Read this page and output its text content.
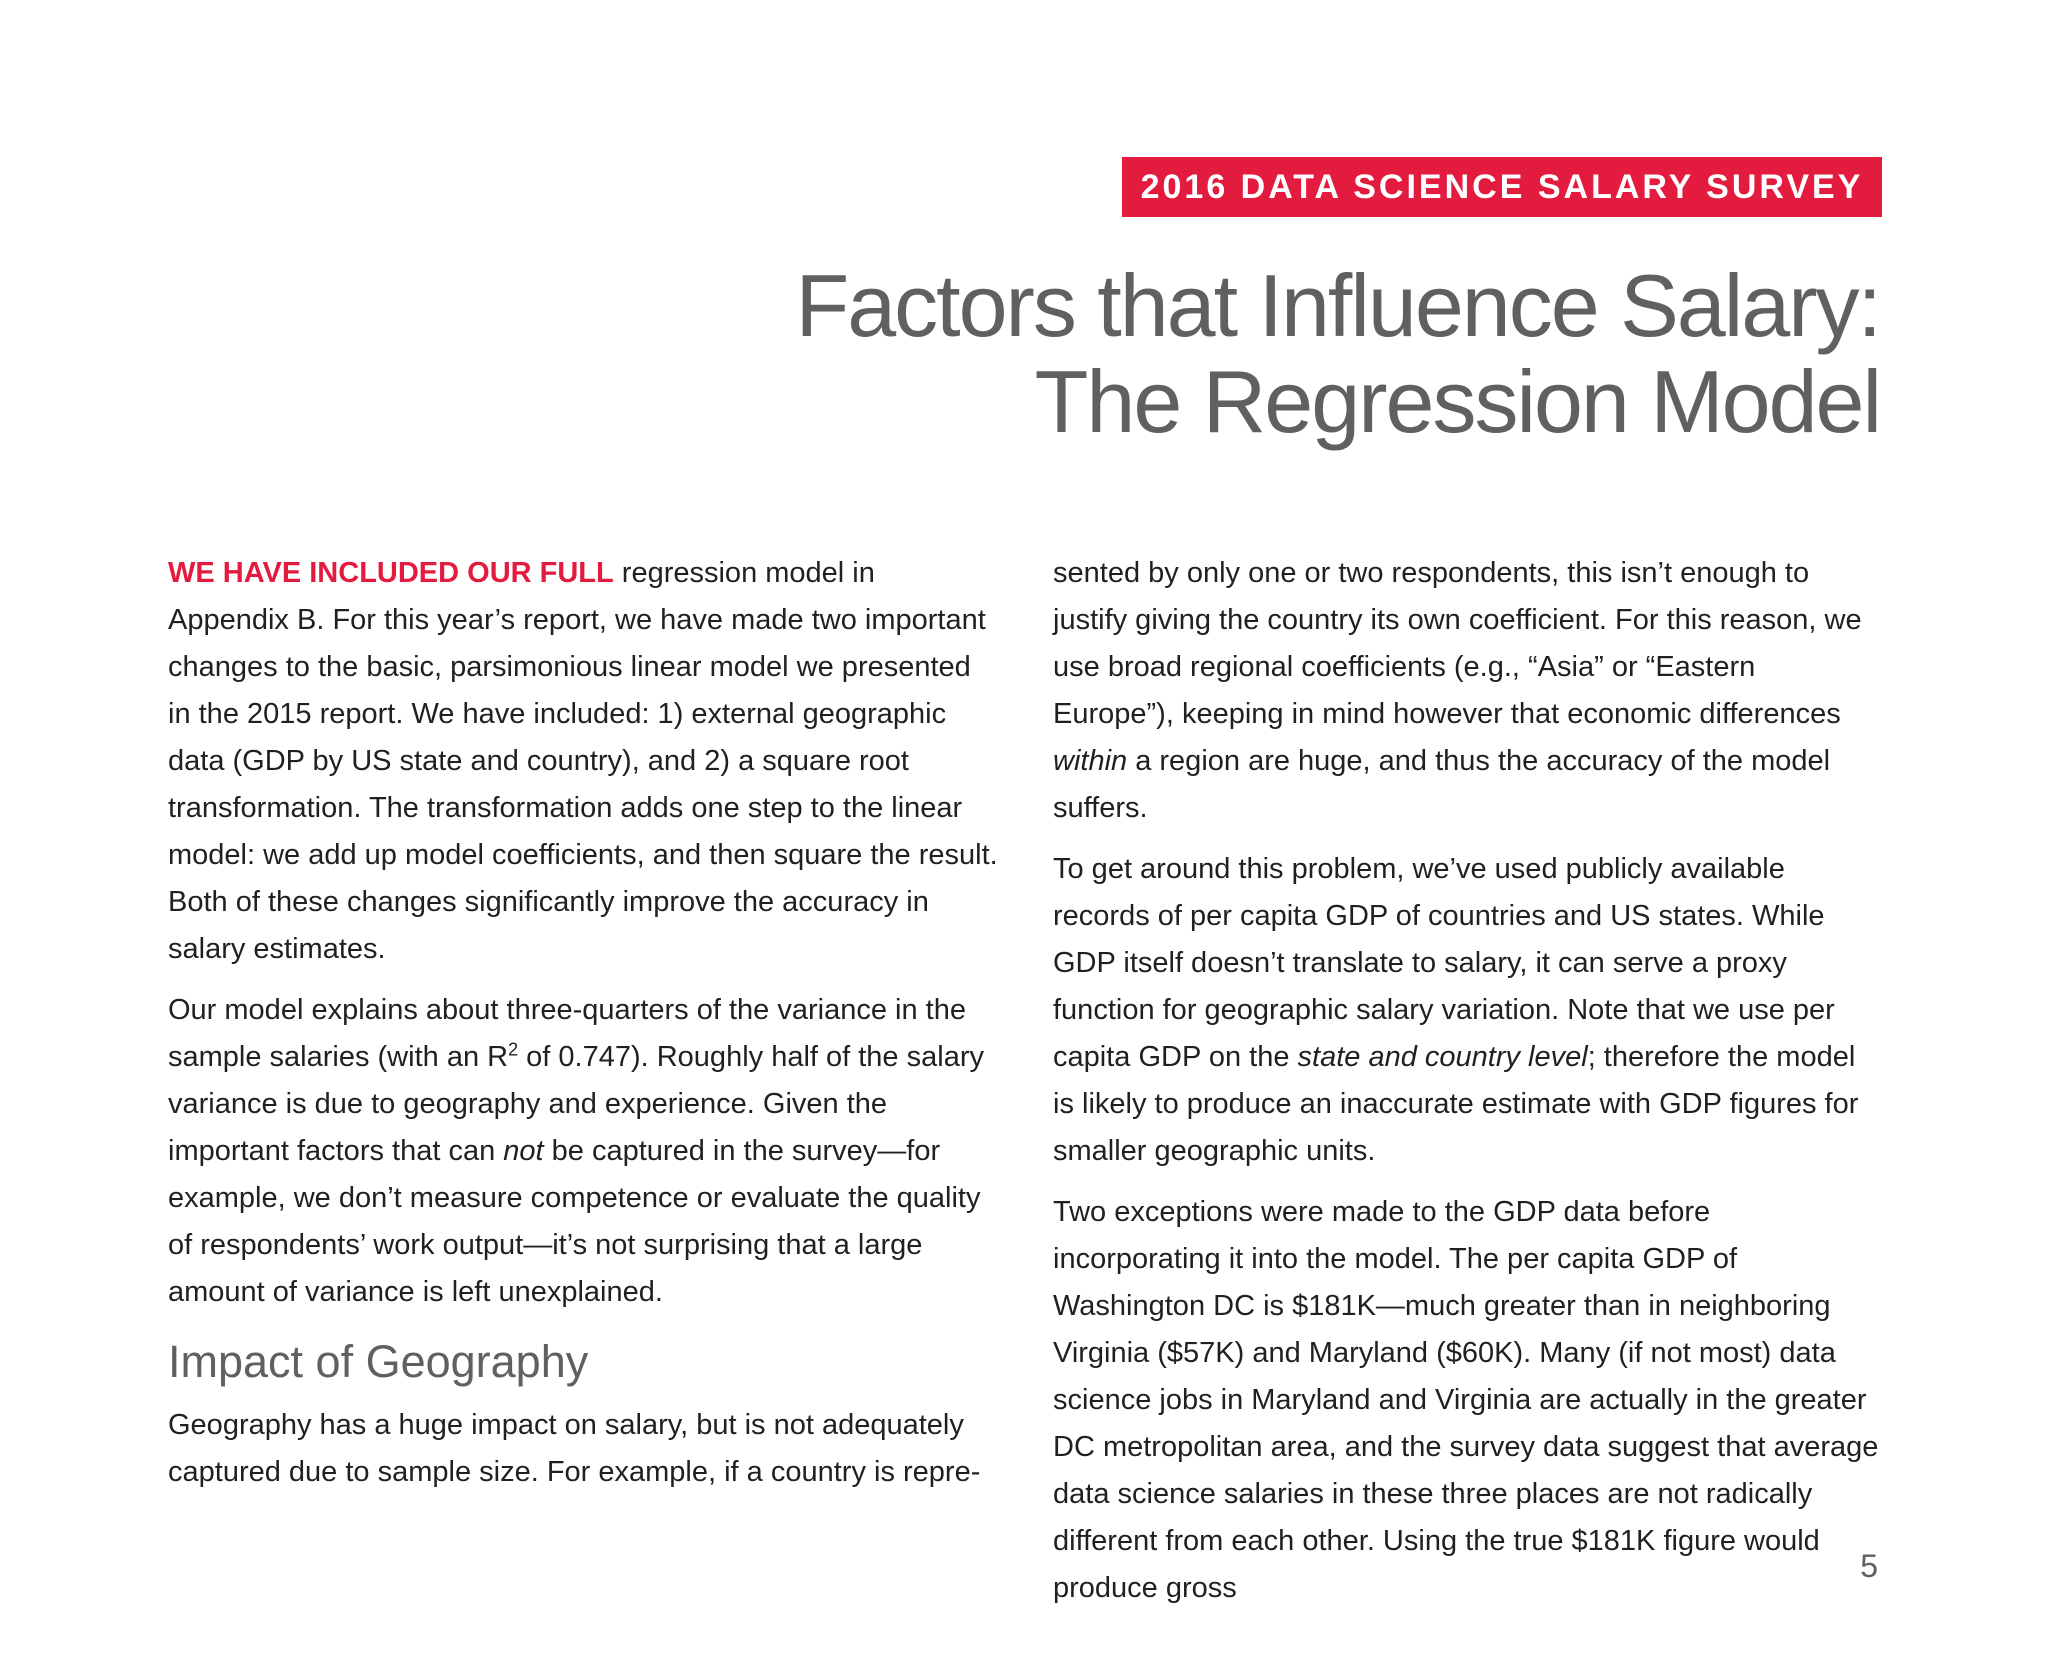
2016 DATA SCIENCE SALARY SURVEY
Factors that Influence Salary:
The Regression Model

WE HAVE INCLUDED OUR FULL regression model in Appendix B. For this year’s report, we have made two important changes to the basic, parsimonious linear model we presented in the 2015 report. We have included: 1) external geographic data (GDP by US state and country), and 2) a square root transformation. The transformation adds one step to the linear model: we add up model coefficients, and then square the result. Both of these changes significantly improve the accuracy in salary estimates.

Our model explains about three-quarters of the variance in the sample salaries (with an $R^2$ of 0.747). Roughly half of the salary variance is due to geography and experience. Given the important factors that can not be captured in the survey—for example, we don’t measure competence or evaluate the quality of respondents’ work output—it’s not surprising that a large amount of variance is left unexplained.

Impact of Geography

Geography has a huge impact on salary, but is not adequately captured due to sample size. For example, if a country is repre-

sented by only one or two respondents, this isn’t enough to justify giving the country its own coefficient. For this reason, we use broad regional coefficients (e.g., “Asia” or “Eastern Europe”), keeping in mind however that economic differences within a region are huge, and thus the accuracy of the model suffers.

To get around this problem, we’ve used publicly available records of per capita GDP of countries and US states. While GDP itself doesn’t translate to salary, it can serve a proxy function for geographic salary variation. Note that we use per capita GDP on the state and country level; therefore the model is likely to produce an inaccurate estimate with GDP figures for smaller geographic units.

Two exceptions were made to the GDP data before incorporating it into the model. The per capita GDP of Washington DC is $181K—much greater than in neighboring Virginia ($57K) and Maryland ($60K). Many (if not most) data science jobs in Maryland and Virginia are actually in the greater DC metropolitan area, and the survey data suggest that average data science salaries in these three places are not radically different from each other. Using the true $181K figure would produce gross

5
